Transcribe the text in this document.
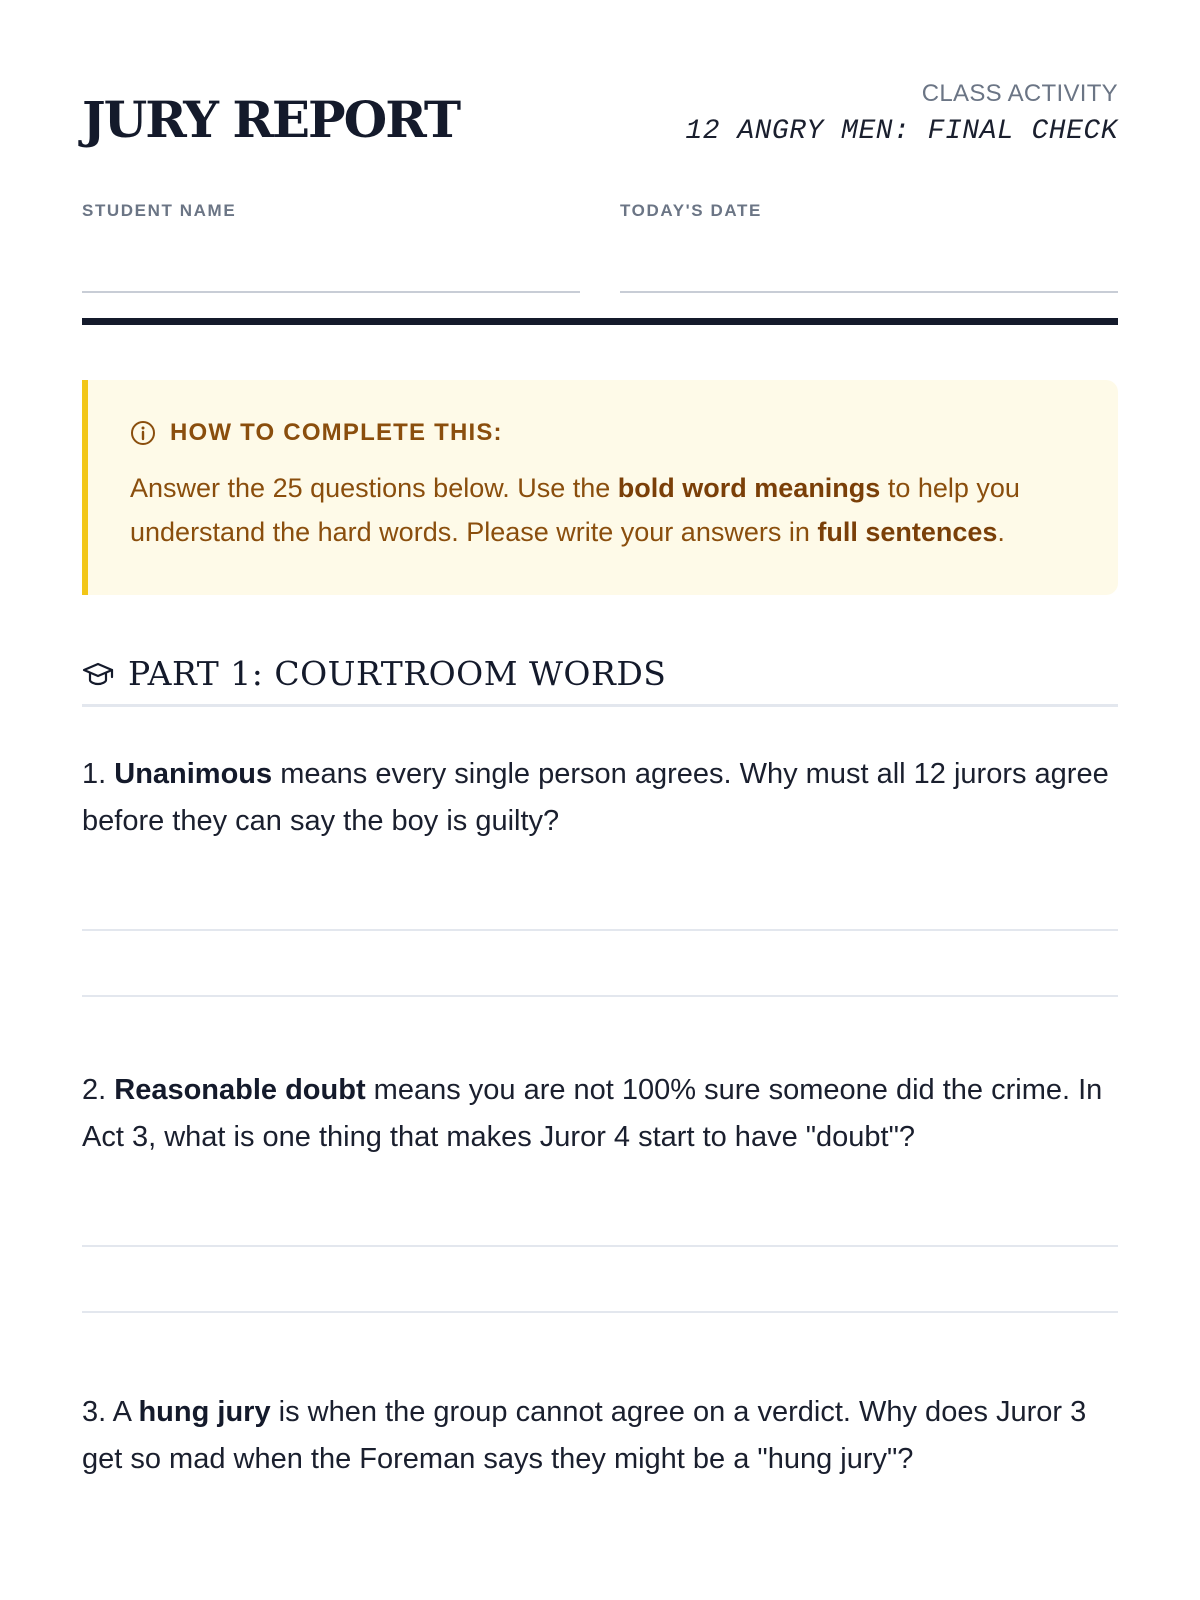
JURY REPORT	CLASS ACTIVITY
12 ANGRY MEN: FINAL CHECK
STUDENT NAME	TODAY'S DATE
HOW TO COMPLETE THIS:
Answer the 25 questions below. Use the bold word meanings to help you understand the hard words. Please write your answers in full sentences.
PART 1: COURTROOM WORDS
1. Unanimous means every single person agrees. Why must all 12 jurors agree before they can say the boy is guilty?
2. Reasonable doubt means you are not 100% sure someone did the crime. In Act 3, what is one thing that makes Juror 4 start to have "doubt"?
3. A hung jury is when the group cannot agree on a verdict. Why does Juror 3 get so mad when the Foreman says they might be a "hung jury"?
